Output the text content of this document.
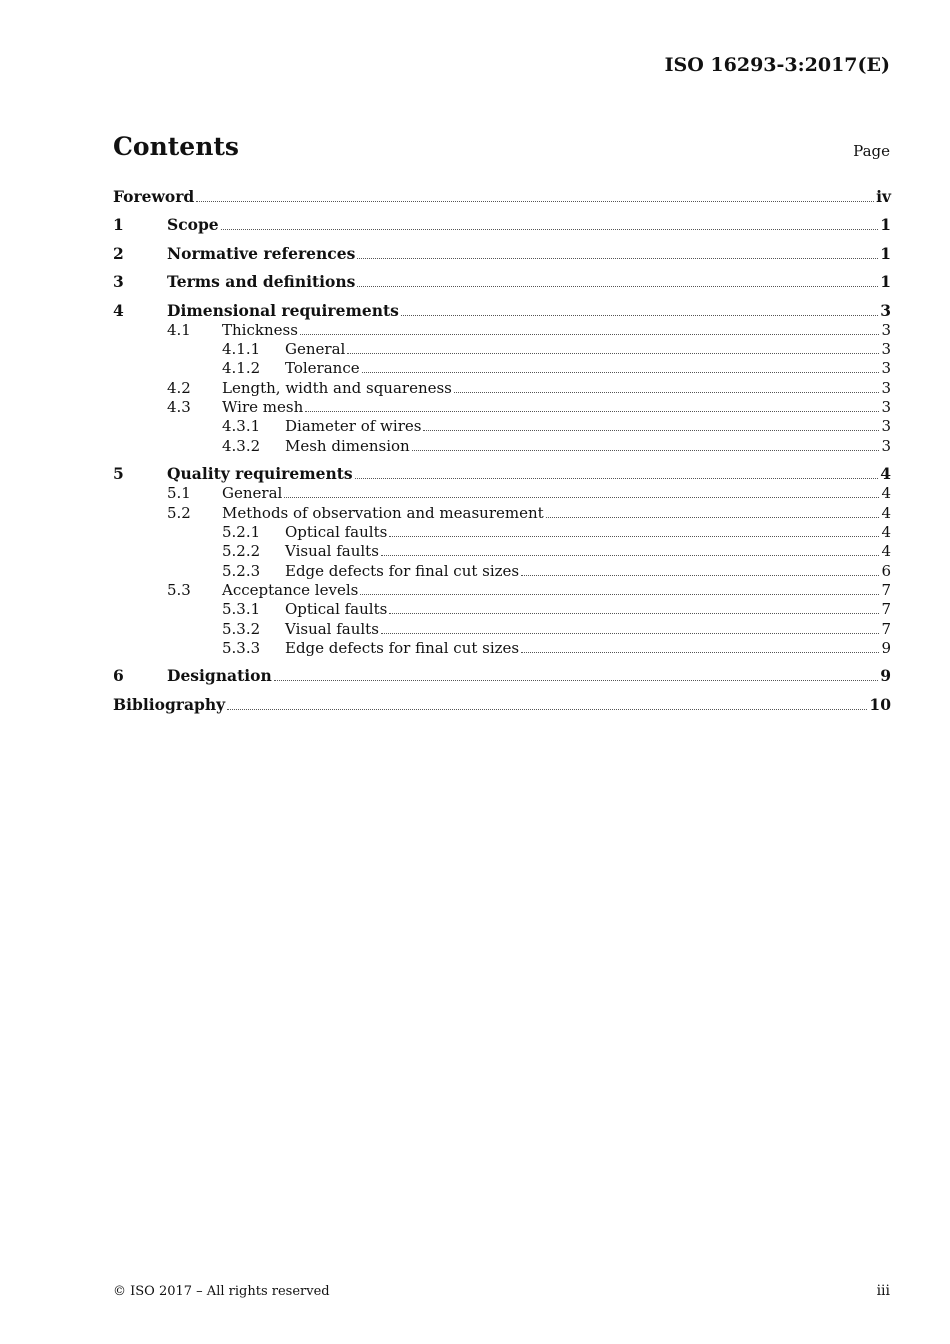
ISO 16293-3:2017(E)
Contents	Page
Foreword	iv
1	Scope	1
2	Normative references	1
3	Terms and definitions	1
4	Dimensional requirements	3
4.1	Thickness	3
4.1.1	General	3
4.1.2	Tolerance	3
4.2	Length, width and squareness	3
4.3	Wire mesh	3
4.3.1	Diameter of wires	3
4.3.2	Mesh dimension	3
5	Quality requirements	4
5.1	General	4
5.2	Methods of observation and measurement	4
5.2.1	Optical faults	4
5.2.2	Visual faults	4
5.2.3	Edge defects for final cut sizes	6
5.3	Acceptance levels	7
5.3.1	Optical faults	7
5.3.2	Visual faults	7
5.3.3	Edge defects for final cut sizes	9
6	Designation	9
Bibliography	10
© ISO 2017 – All rights reserved	iii
